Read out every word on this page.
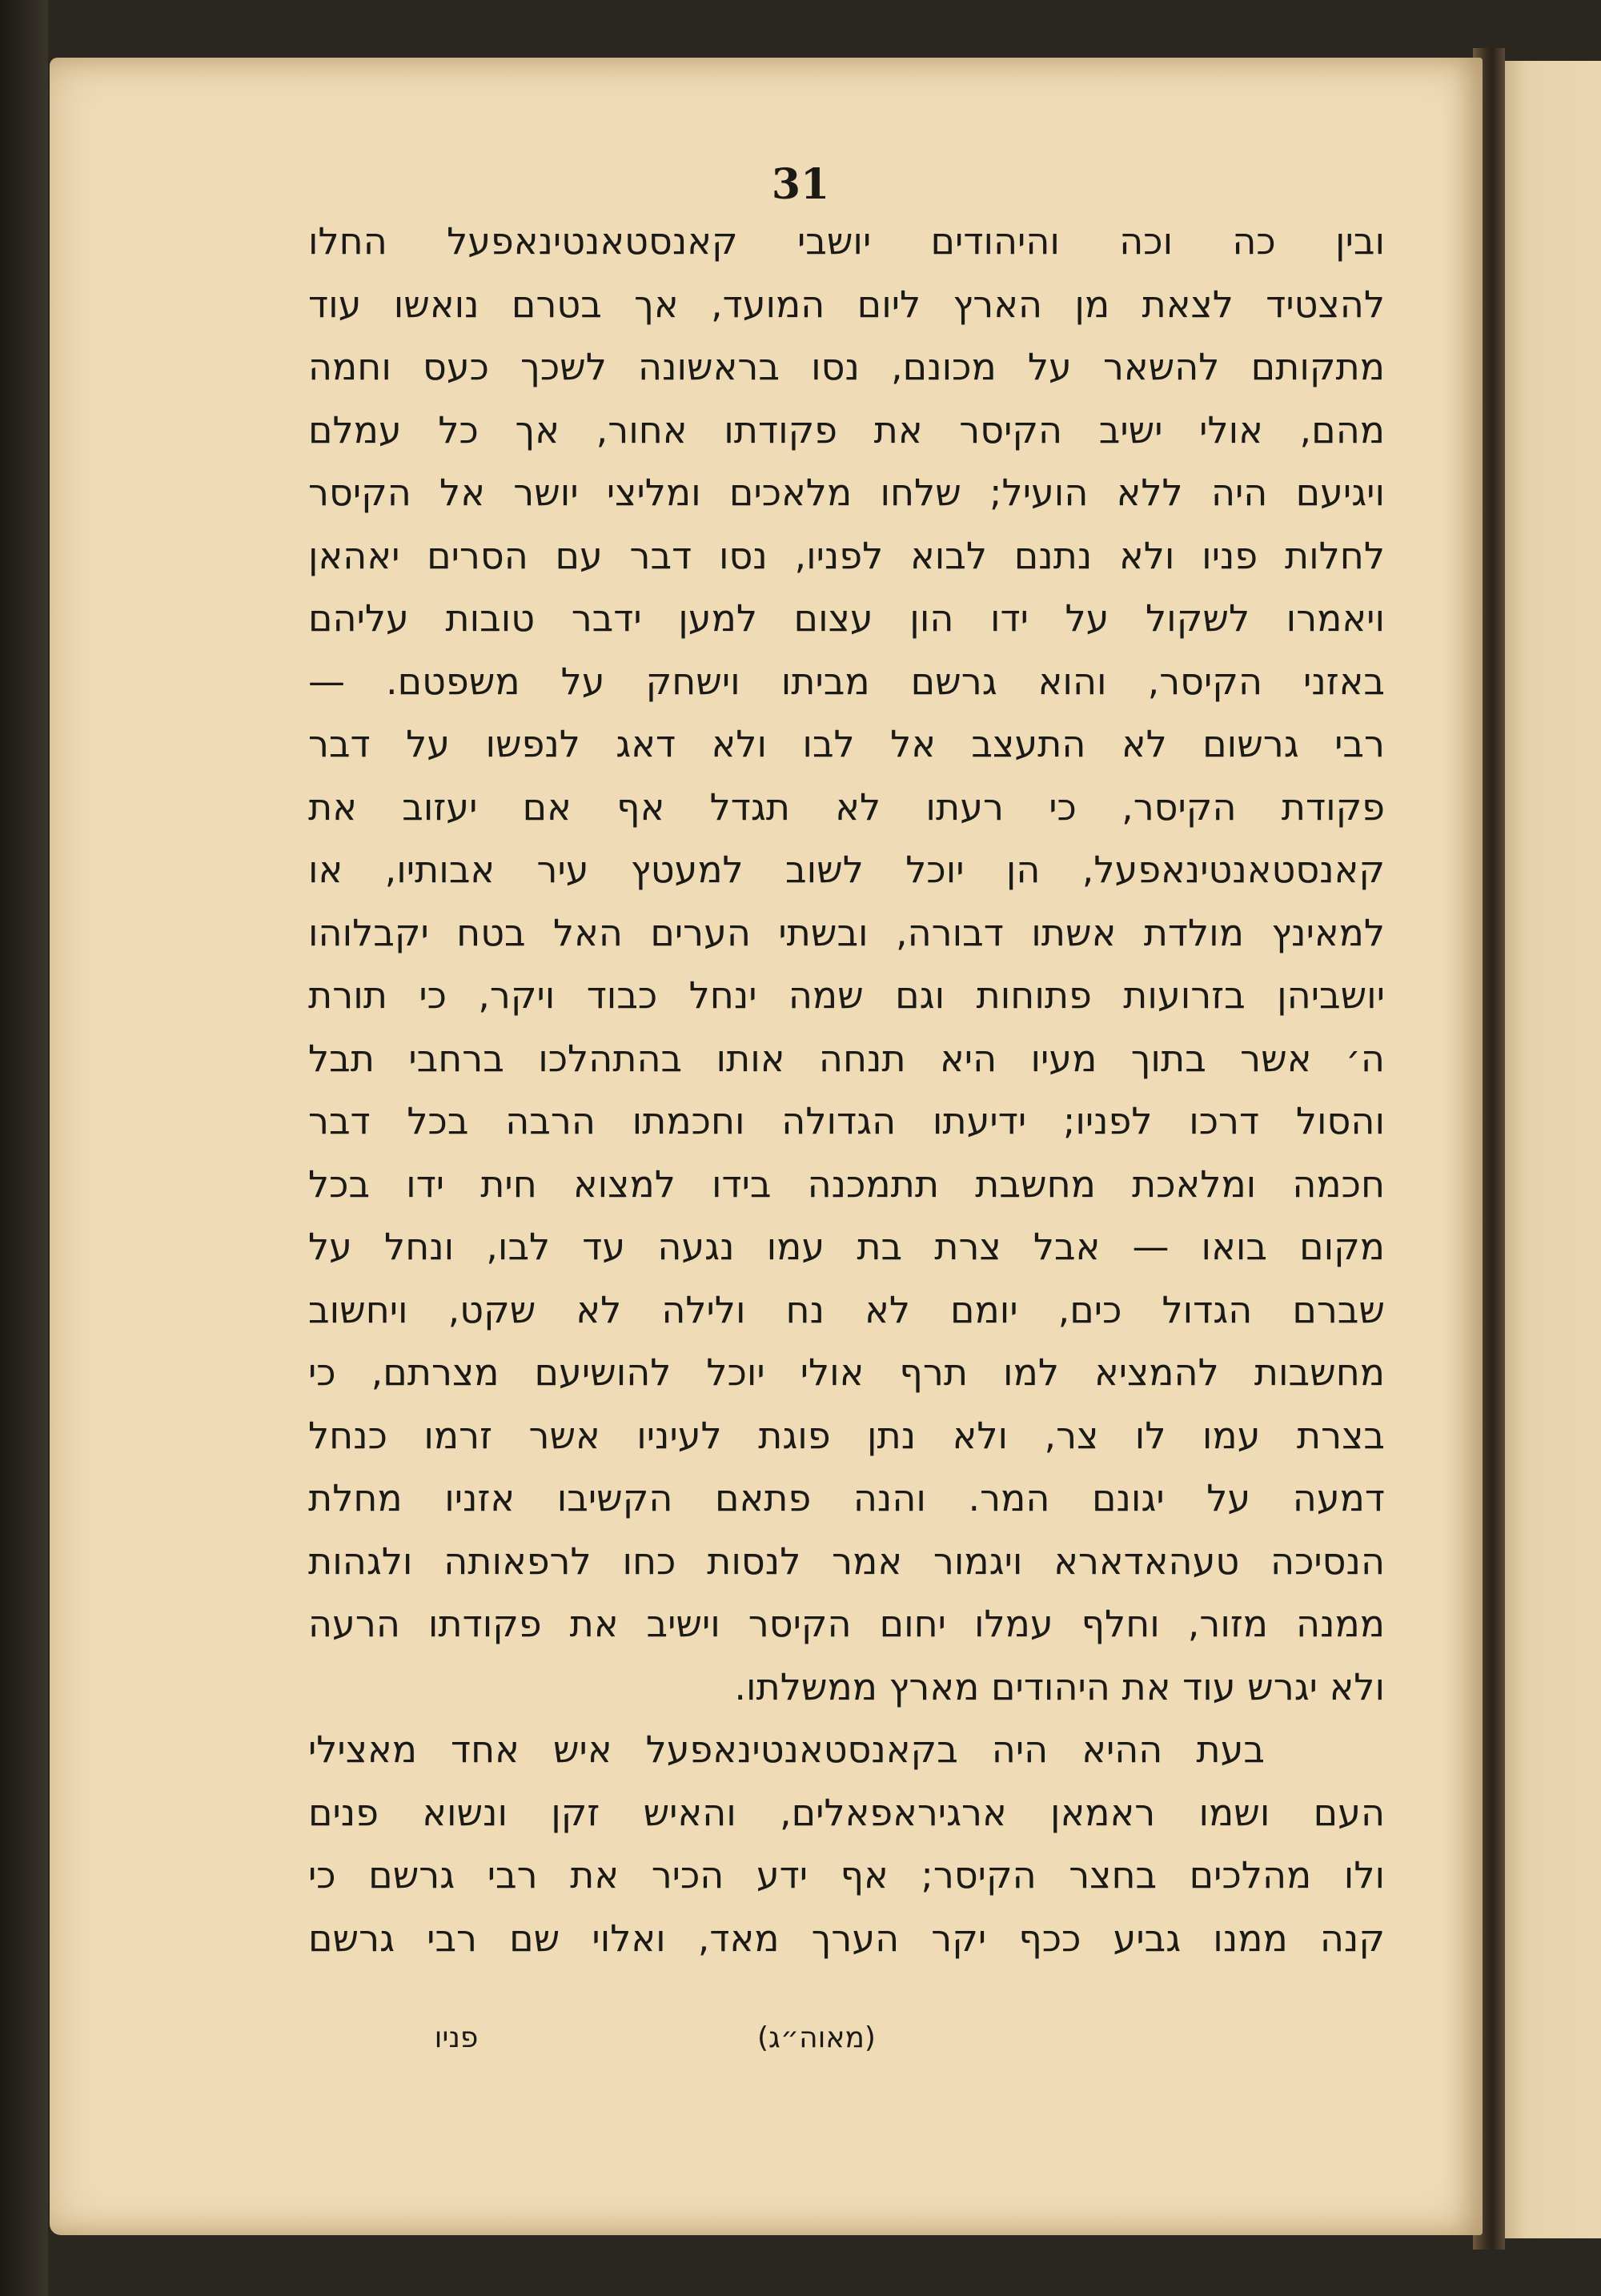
31
ובין כה וכה והיהודים יושבי קאנסטאנטינאפעל החלו
להצטיד לצאת מן הארץ ליום המועד, אך בטרם נואשו עוד
מתקותם להשאר על מכונם, נסו בראשונה לשכך כעס וחמה
מהם, אולי ישיב הקיסר את פקודתו אחור, אך כל עמלם
ויגיעם היה ללא הועיל; שלחו מלאכים ומליצי יושר אל הקיסר
לחלות פניו ולא נתנם לבוא לפניו, נסו דבר עם הסרים יאהאן
ויאמרו לשקול על ידו הון עצום למען ידבר טובות עליהם
באזני הקיסר, והוא גרשם מביתו וישחק על משפטם. —
רבי גרשום לא התעצב אל לבו ולא דאג לנפשו על דבר
פקודת הקיסר, כי רעתו לא תגדל אף אם יעזוב את
קאנסטאנטינאפעל, הן יוכל לשוב למעטץ עיר אבותיו, או
למאינץ מולדת אשתו דבורה, ובשתי הערים האל בטח יקבלוהו
יושביהן בזרועות פתוחות וגם שמה ינחל כבוד ויקר, כי תורת
ה׳ אשר בתוך מעיו היא תנחה אותו בהתהלכו ברחבי תבל
והסול דרכו לפניו; ידיעתו הגדולה וחכמתו הרבה בכל דבר
חכמה ומלאכת מחשבת תתמכנה בידו למצוא חית ידו בכל
מקום בואו — אבל צרת בת עמו נגעה עד לבו, ונחל על
שברם הגדול כים, יומם לא נח ולילה לא שקט, ויחשוב
מחשבות להמציא למו תרף אולי יוכל להושיעם מצרתם, כי
בצרת עמו לו צר, ולא נתן פוגת לעיניו אשר זרמו כנחל
דמעה על יגונם המר. והנה פתאם הקשיבו אזניו מחלת
הנסיכה טעהאדארא ויגמור אמר לנסות כחו לרפאותה ולגהות
ממנה מזור, וחלף עמלו יחום הקיסר וישיב את פקודתו הרעה
ולא יגרש עוד את היהודים מארץ ממשלתו.
בעת ההיא היה בקאנסטאנטינאפעל איש אחד מאצילי
העם ושמו ראמאן ארגיראפאלים, והאיש זקן ונשוא פנים
ולו מהלכים בחצר הקיסר; אף ידע הכיר את רבי גרשם כי
קנה ממנו גביע ככף יקר הערך מאד, ואלוי שם רבי גרשם
(מאוה״ג)
פניו
